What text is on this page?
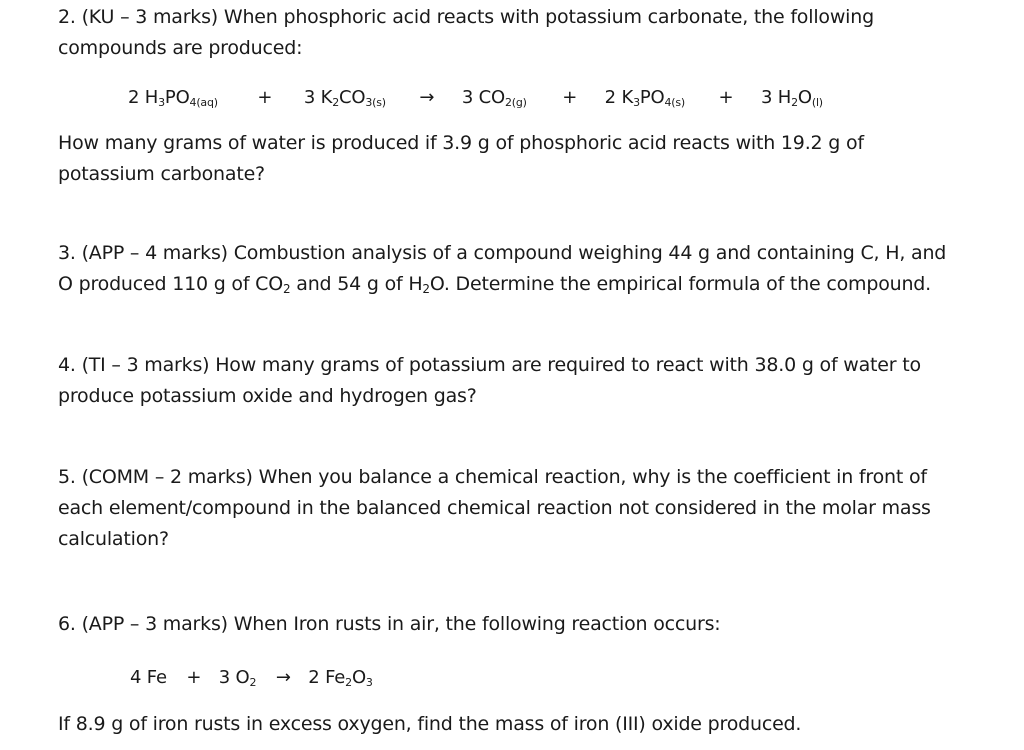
2. (KU – 3 marks) When phosphoric acid reacts with potassium carbonate, the following
compounds are produced:
2 $H_3PO_{4(aq)} + 3$ $K_2CO_{3(s)} \to 3$ $CO_{2(g)} + 2$ $K_3PO_{4(s)} + 3$ $H_2O_{(l)}$
How many grams of water is produced if 3.9 g of phosphoric acid reacts with 19.2 g of
potassium carbonate?
3. (APP – 4 marks) Combustion analysis of a compound weighing 44 g and containing C, H, and
O produced 110 g of $CO_2$ and 54 g of $H_2O$. Determine the empirical formula of the compound.
4. (TI – 3 marks) How many grams of potassium are required to react with 38.0 g of water to
produce potassium oxide and hydrogen gas?
5. (COMM – 2 marks) When you balance a chemical reaction, why is the coefficient in front of
each element/compound in the balanced chemical reaction not considered in the molar mass
calculation?
6. (APP – 3 marks) When Iron rusts in air, the following reaction occurs:
4 Fe + 3 $O_2 \to 2$ $Fe_2O_3$
If 8.9 g of iron rusts in excess oxygen, find the mass of iron (III) oxide produced.
